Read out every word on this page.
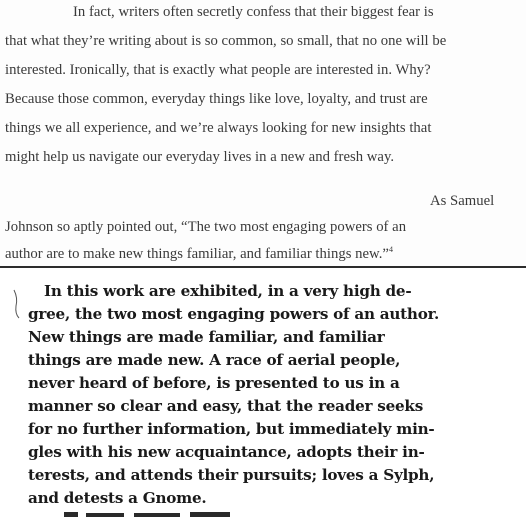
In fact, writers often secretly confess that their biggest fear is
that what they’re writing about is so common, so small, that no one will be
interested. Ironically, that is exactly what people are interested in. Why?
Because those common, everyday things like love, loyalty, and trust are
things we all experience, and we’re always looking for new insights that
might help us navigate our everyday lives in a new and fresh way.
As Samuel
Johnson so aptly pointed out, “The two most engaging powers of an
author are to make new things familiar, and familiar things new.”$^4$
In this work are exhibited, in a very high de-
gree, the two most engaging powers of an author.
New things are made familiar, and familiar
things are made new. A race of aerial people,
never heard of before, is presented to us in a
manner so clear and easy, that the reader seeks
for no further information, but immediately min-
gles with his new acquaintance, adopts their in-
terests, and attends their pursuits; loves a Sylph,
and detests a Gnome.
